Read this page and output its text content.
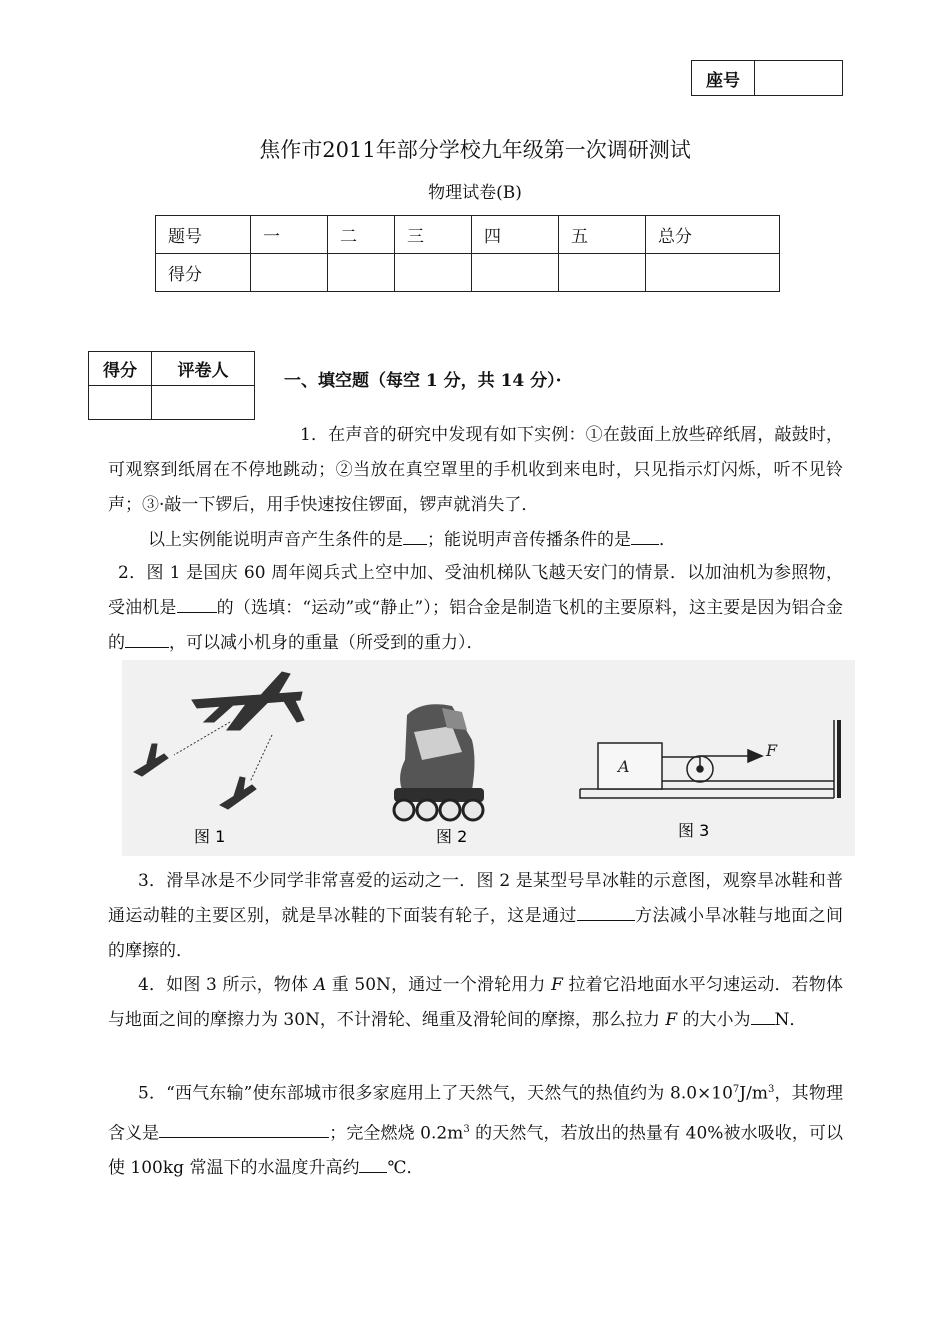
座号	
焦作市2011年部分学校九年级第一次调研测试
物理试卷(B)
题号	一	二	三	四	五	总分
得分						
得分	评卷人
		一、填空题（每空 1 分，共 14 分）·
1．在声音的研究中发现有如下实例：①在鼓面上放些碎纸屑，敲鼓时，可观察到纸屑在不停地跳动；②当放在真空罩里的手机收到来电时，只见指示灯闪烁，听不见铃声；③·敲一下锣后，用手快速按住锣面，锣声就消失了．
以上实例能说明声音产生条件的是 ；能说明声音传播条件的是 ．
2．图 1 是国庆 60 周年阅兵式上空中加、受油机梯队飞越天安门的情景．以加油机为参照物，受油机是 的（选填：“运动”或“静止”）；铝合金是制造飞机的主要原料，这主要是因为铝合金的	，可以减小机身的重量（所受到的重力）．
图 1	图 2
A
F
图 3
3．滑旱冰是不少同学非常喜爱的运动之一．图 2 是某型号旱冰鞋的示意图，观察旱冰鞋和普通运动鞋的主要区别，就是旱冰鞋的下面装有轮子，这是通过	方法减小旱冰鞋与地面之间的摩擦的．
4．如图 3 所示，物体 A 重 50N，通过一个滑轮用力 F 拉着它沿地面水平匀速运动．若物体与地面之间的摩擦力为 30N，不计滑轮、绳重及滑轮间的摩擦，那么拉力 F 的大小为 N．
5．“西气东输”使东部城市很多家庭用上了天然气，天然气的热值约为 $8.0\times 10^7J/m^3$，其物理含义是	；完全燃烧 $0.2m^3$ 的天然气，若放出的热量有 40%被水吸收，可以使 100kg 常温下的水温度升高约 ℃．
